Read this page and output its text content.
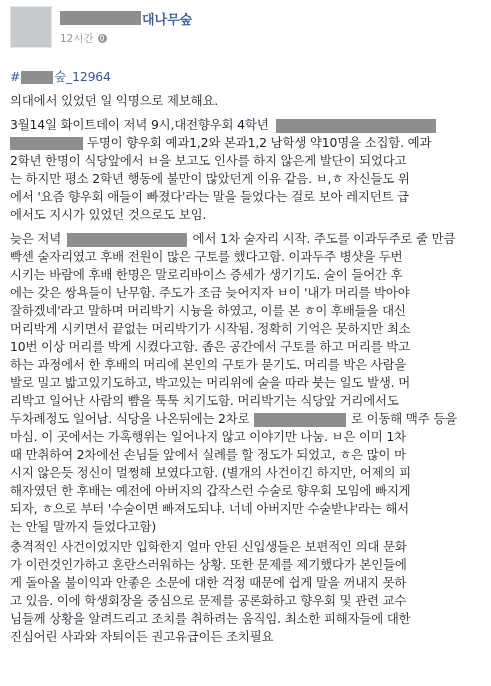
대나무숲
12시간
#	숲_12964
의대에서 있었던 일 익명으로 제보해요.
3월14일 화이트데이 저녁 9시,대전향우회 4학년
두명이 향우회 예과1,2와 본과1,2 남학생 약10명을 소집함. 예과
2학년 한명이 식당앞에서 ㅂ을 보고도 인사를 하지 않은게 발단이 되었다고
는 하지만 평소 2학년 행동에 불만이 많았던게 이유 같음. ㅂ,ㅎ 자신들도 위
에서 '요즘 향우회 애들이 빠졌다'라는 말을 들었다는 걸로 보아 레지던트 급
에서도 지시가 있었던 것으로도 보임.
늦은 저녁	에서 1차 술자리 시작. 주도를 이과두주로 줄 만큼
빡센 술자리였고 후배 전원이 많은 구토를 했다고함. 이과두주 병샷을 두번
시키는 바람에 후배 한명은 말로리바이스 증세가 생기기도. 술이 들어간 후
에는 갖은 쌍욕들이 난무함. 주도가 조금 늦어지자 ㅂ이 '내가 머리를 박아야
잘하겠네'라고 말하며 머리박기 시늉을 하였고, 이를 본 ㅎ이 후배들을 대신
머리박게 시키면서 끝없는 머리박기가 시작됨. 정확히 기억은 못하지만 최소
10번 이상 머리를 박게 시켰다고함. 좁은 공간에서 구토를 하고 머리를 박고
하는 과정에서 한 후배의 머리에 본인의 구토가 묻기도. 머리를 박은 사람을
발로 밀고 밟고있기도하고, 박고있는 머리위에 술을 따라 붓는 일도 발생. 머
리박고 일어난 사람의 뺨을 툭툭 치기도함. 머리박기는 식당앞 거리에서도
두차례정도 일어남. 식당을 나온뒤에는 2차로	로 이동해 맥주 등을
마심. 이 곳에서는 가혹행위는 일어나지 않고 이야기만 나눔. ㅂ은 이미 1차
때 만취하여 2차에선 손님들 앞에서 실례를 할 정도가 되었고, ㅎ은 많이 마
시지 않은듯 정신이 멀쩡해 보였다고함. (별개의 사건이긴 하지만, 어제의 피
해자였던 한 후배는 예전에 아버지의 갑작스런 수술로 향우회 모임에 빠지게
되자, ㅎ으로 부터 '수술이면 빠져도되냐. 너네 아버지만 수술받냐'라는 해서
는 안될 말까지 들었다고함)
충격적인 사건이었지만 입학한지 얼마 안된 신입생들은 보편적인 의대 문화
가 이런것인가하고 혼란스러워하는 상황. 또한 문제를 제기했다가 본인들에
게 돌아올 불이익과 안좋은 소문에 대한 걱정 때문에 쉽게 말을 꺼내지 못하
고 있음. 이에 학생회장을 중심으로 문제를 공론화하고 향우회 및 관련 교수
님들께 상황을 알려드리고 조치를 취하려는 움직임. 최소한 피해자들에 대한
진심어린 사과와 자퇴이든 권고유급이든 조치필요
